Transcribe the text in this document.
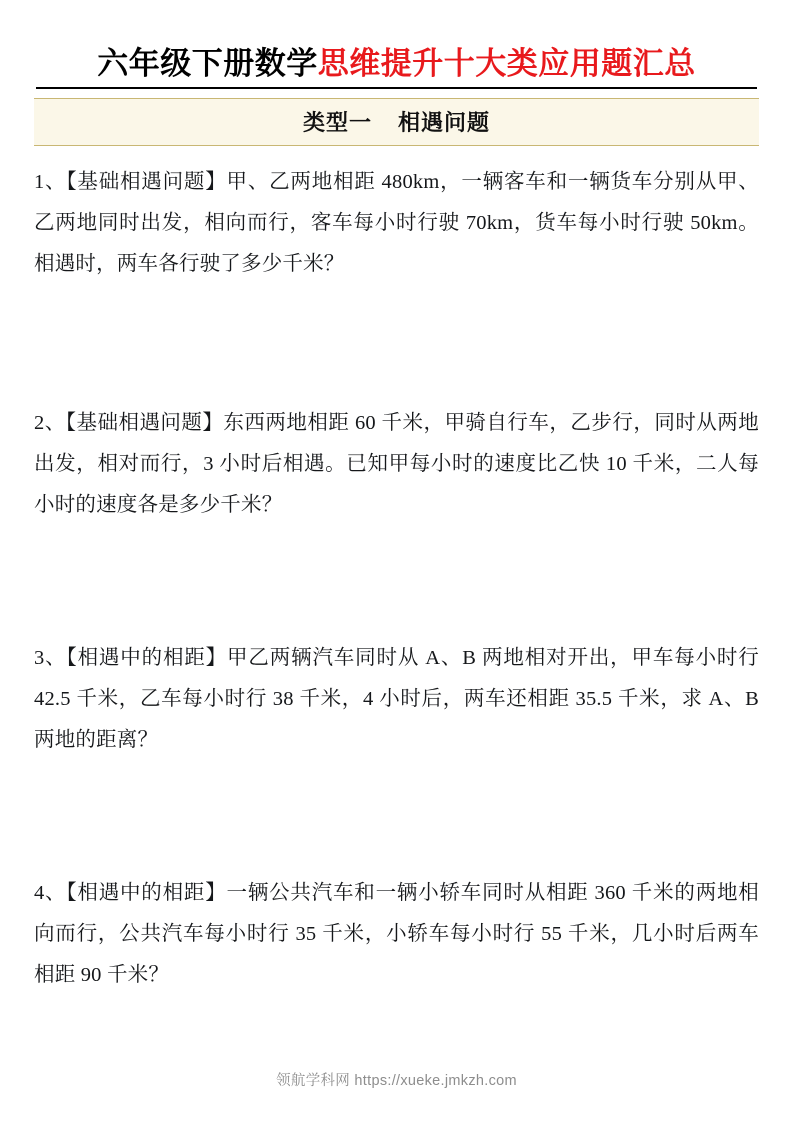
六年级下册数学 思维提升十大类应用题汇总
类型一 相遇问题
1、【基础相遇问题】甲、乙两地相距 480km，一辆客车和一辆货车分别从甲、乙两地同时出发，相向而行，客车每小时行驶 70km，货车每小时行驶 50km。相遇时，两车各行驶了多少千米？
2、【基础相遇问题】东西两地相距 60 千米，甲骑自行车，乙步行，同时从两地出发，相对而行，3 小时后相遇。已知甲每小时的速度比乙快 10 千米，二人每小时的速度各是多少千米？
3、【相遇中的相距】甲乙两辆汽车同时从 A、B 两地相对开出，甲车每小时行 42.5 千米，乙车每小时行 38 千米，4 小时后，两车还相距 35.5 千米，求 A、B 两地的距离？
4、【相遇中的相距】一辆公共汽车和一辆小轿车同时从相距 360 千米的两地相向而行，公共汽车每小时行 35 千米，小轿车每小时行 55 千米，几小时后两车相距 90 千米？
领航学科网 https://xueke.jmkzh.com
